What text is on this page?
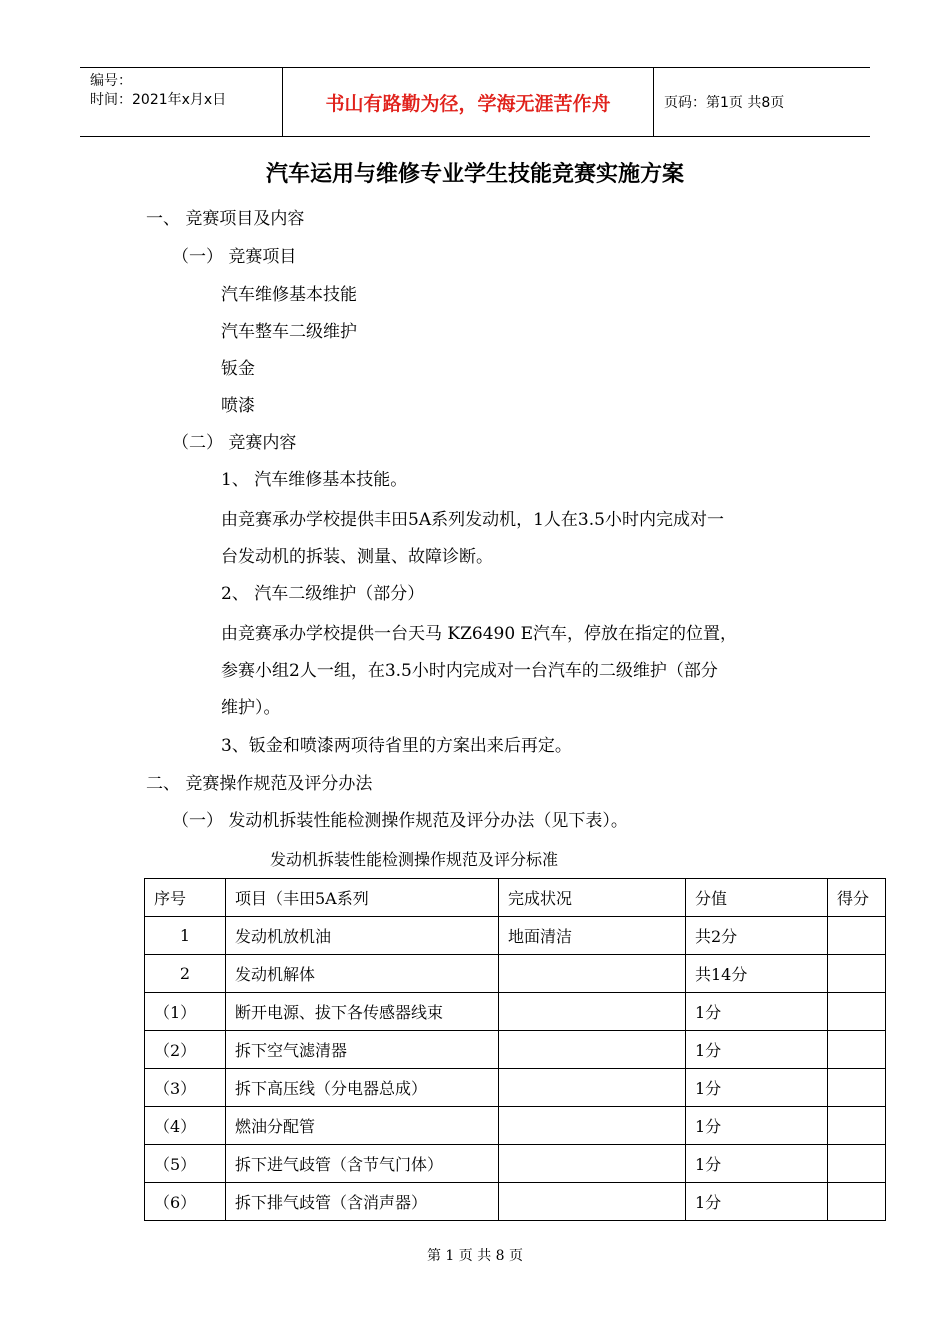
编号：
时间：2021年x月x日	书山有路勤为径，学海无涯苦作舟	页码：第1页 共8页
汽车运用与维修专业学生技能竞赛实施方案
一、 竞赛项目及内容
（一） 竞赛项目
汽车维修基本技能
汽车整车二级维护
钣金
喷漆
（二） 竞赛内容
1、 汽车维修基本技能。
由竞赛承办学校提供丰田5A系列发动机，1人在3.5小时内完成对一
台发动机的拆装、测量、故障诊断。
2、 汽车二级维护（部分）
由竞赛承办学校提供一台天马 KZ6490 E汽车，停放在指定的位置，
参赛小组2人一组，在3.5小时内完成对一台汽车的二级维护（部分
维护）。
3、钣金和喷漆两项待省里的方案出来后再定。
二、 竞赛操作规范及评分办法
（一） 发动机拆装性能检测操作规范及评分办法（见下表）。
发动机拆装性能检测操作规范及评分标准
序号	项目（丰田5A系列	完成状况	分值	得分
1	发动机放机油	地面清洁	共2分	
2	发动机解体		共14分	
（1）	断开电源、拔下各传感器线束		1分	
（2）	拆下空气滤清器		1分	
（3）	拆下高压线（分电器总成）		1分	
（4）	燃油分配管		1分	
（5）	拆下进气歧管（含节气门体）		1分	
（6）	拆下排气歧管（含消声器）		1分	
第 1 页 共 8 页
